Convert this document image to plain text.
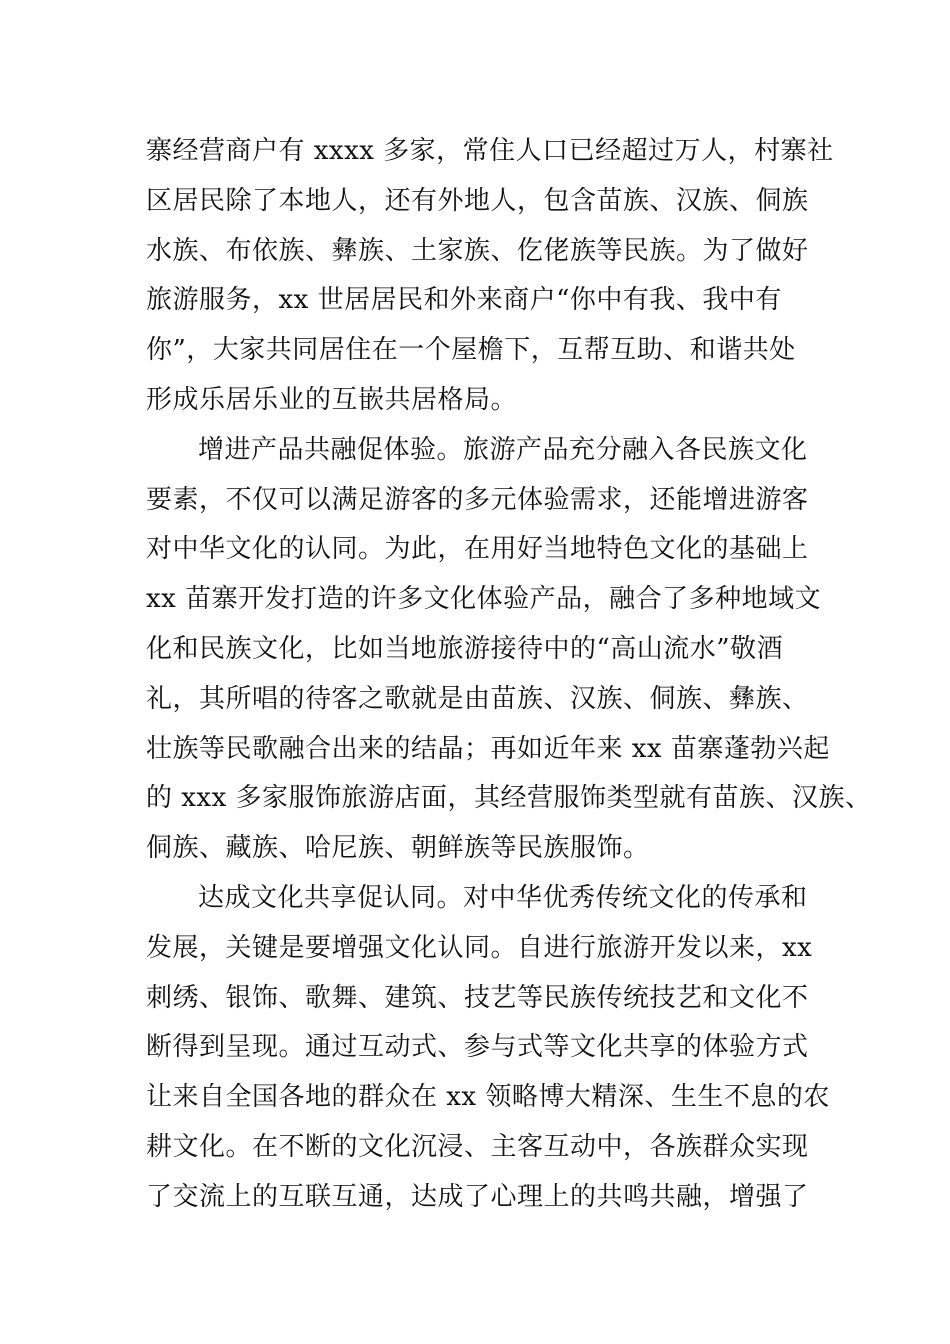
寨经营商户有 xxxx 多家，常住人口已经超过万人，村寨社
区居民除了本地人，还有外地人，包含苗族、汉族、侗族
水族、布依族、彝族、土家族、仡佬族等民族。为了做好
旅游服务，xx 世居居民和外来商户“你中有我、我中有
你”，大家共同居住在一个屋檐下，互帮互助、和谐共处
形成乐居乐业的互嵌共居格局。
增进产品共融促体验。旅游产品充分融入各民族文化
要素，不仅可以满足游客的多元体验需求，还能增进游客
对中华文化的认同。为此，在用好当地特色文化的基础上
xx 苗寨开发打造的许多文化体验产品，融合了多种地域文
化和民族文化，比如当地旅游接待中的“高山流水”敬酒
礼，其所唱的待客之歌就是由苗族、汉族、侗族、彝族、
壮族等民歌融合出来的结晶；再如近年来 xx 苗寨蓬勃兴起
的 xxx 多家服饰旅游店面，其经营服饰类型就有苗族、汉族、
侗族、藏族、哈尼族、朝鲜族等民族服饰。
达成文化共享促认同。对中华优秀传统文化的传承和
发展，关键是要增强文化认同。自进行旅游开发以来，xx
刺绣、银饰、歌舞、建筑、技艺等民族传统技艺和文化不
断得到呈现。通过互动式、参与式等文化共享的体验方式
让来自全国各地的群众在 xx 领略博大精深、生生不息的农
耕文化。在不断的文化沉浸、主客互动中，各族群众实现
了交流上的互联互通，达成了心理上的共鸣共融，增强了
